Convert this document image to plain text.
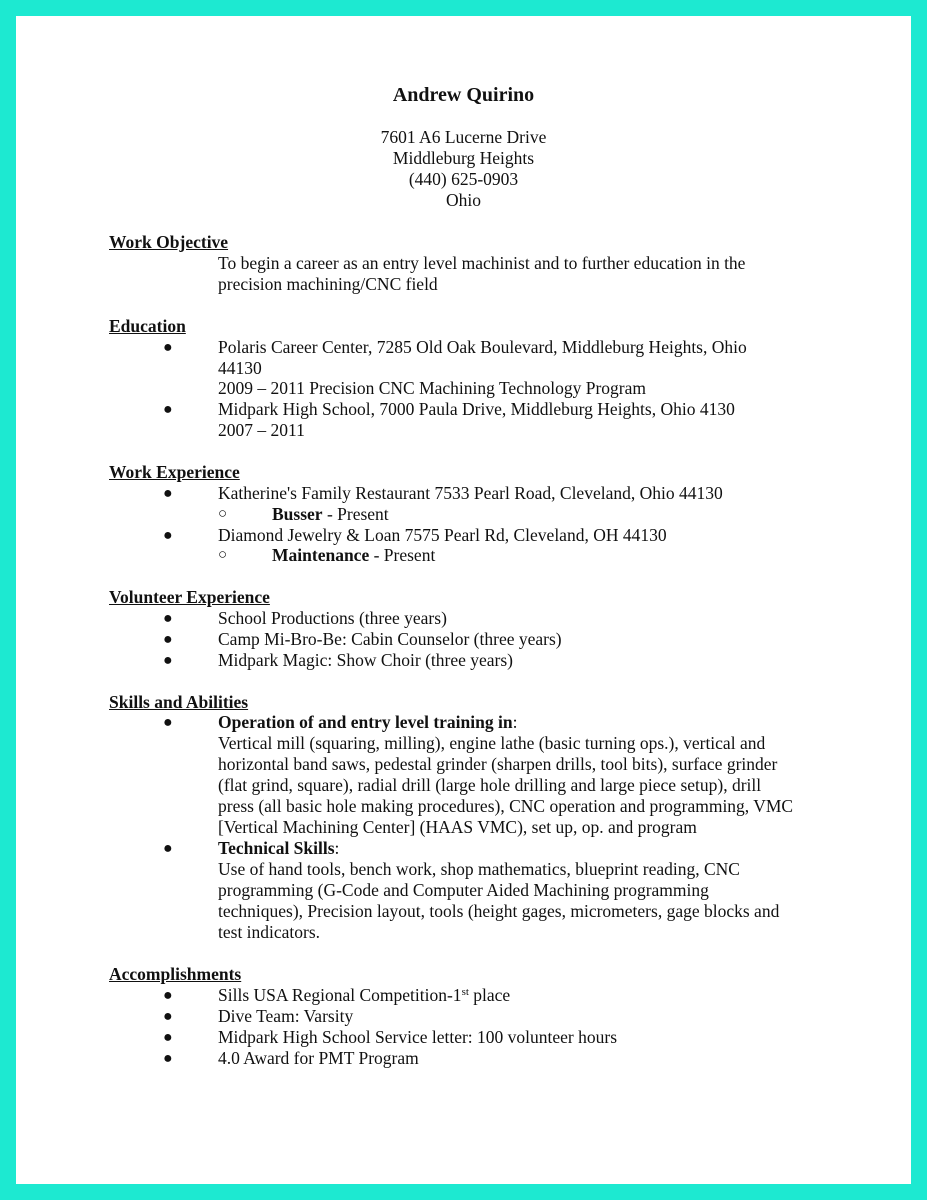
Andrew Quirino
7601 A6 Lucerne Drive
Middleburg Heights
(440) 625-0903
Ohio
Work Objective
To begin a career as an entry level machinist and to further education in the
precision machining/CNC field
Education
●	Polaris Career Center, 7285 Old Oak Boulevard, Middleburg Heights, Ohio
44130
2009 – 2011 Precision CNC Machining Technology Program
●	Midpark High School, 7000 Paula Drive, Middleburg Heights, Ohio 4130
2007 – 2011
Work Experience
●	Katherine's Family Restaurant 7533 Pearl Road, Cleveland, Ohio 44130
○	Busser - Present
●	Diamond Jewelry & Loan 7575 Pearl Rd, Cleveland, OH 44130
○	Maintenance - Present
Volunteer Experience
●	School Productions (three years)
●	Camp Mi-Bro-Be: Cabin Counselor (three years)
●	Midpark Magic: Show Choir (three years)
Skills and Abilities
●	Operation of and entry level training in:
Vertical mill (squaring, milling), engine lathe (basic turning ops.), vertical and
horizontal band saws, pedestal grinder (sharpen drills, tool bits), surface grinder
(flat grind, square), radial drill (large hole drilling and large piece setup), drill
press (all basic hole making procedures), CNC operation and programming, VMC
[Vertical Machining Center] (HAAS VMC), set up, op. and program
●	Technical Skills:
Use of hand tools, bench work, shop mathematics, blueprint reading, CNC
programming (G-Code and Computer Aided Machining programming
techniques), Precision layout, tools (height gages, micrometers, gage blocks and
test indicators.
Accomplishments
●	Sills USA Regional Competition-1st place
●	Dive Team: Varsity
●	Midpark High School Service letter: 100 volunteer hours
●	4.0 Award for PMT Program
